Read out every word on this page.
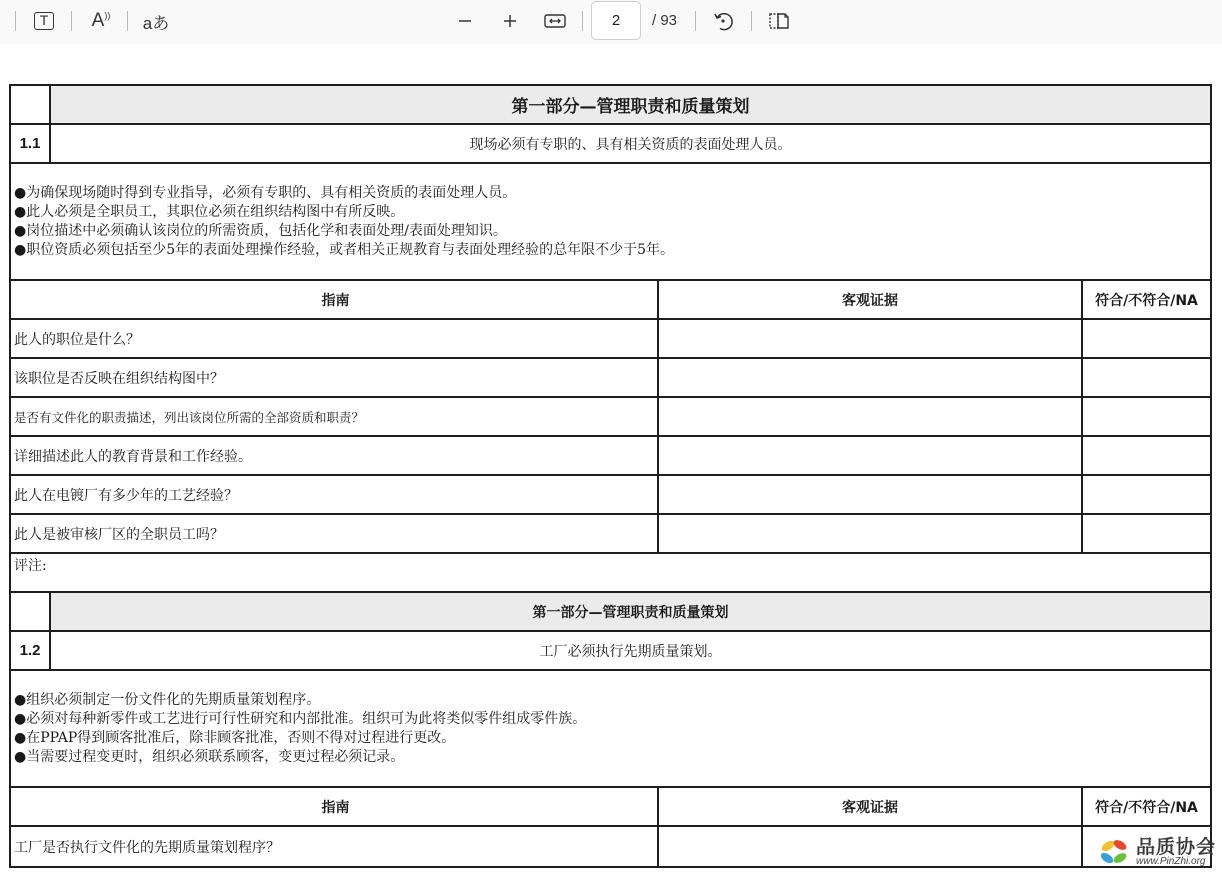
T	A)) aあ
2	/ 93
第一部分—管理职责和质量策划
1.1	现场必须有专职的、具有相关资质的表面处理人员。
●为确保现场随时得到专业指导，必须有专职的、具有相关资质的表面处理人员。
●此人必须是全职员工，其职位必须在组织结构图中有所反映。
●岗位描述中必须确认该岗位的所需资质，包括化学和表面处理/表面处理知识。
●职位资质必须包括至少5年的表面处理操作经验，或者相关正规教育与表面处理经验的总年限不少于5年。
指南	客观证据	符合/不符合/NA
此人的职位是什么？
该职位是否反映在组织结构图中？
是否有文件化的职责描述，列出该岗位所需的全部资质和职责？
详细描述此人的教育背景和工作经验。
此人在电镀厂有多少年的工艺经验？
此人是被审核厂区的全职员工吗？
评注:
第一部分—管理职责和质量策划
1.2	工厂必须执行先期质量策划。
●组织必须制定一份文件化的先期质量策划程序。
●必须对每种新零件或工艺进行可行性研究和内部批准。组织可为此将类似零件组成零件族。
●在PPAP得到顾客批准后，除非顾客批准，否则不得对过程进行更改。
●当需要过程变更时，组织必须联系顾客，变更过程必须记录。
指南	客观证据	符合/不符合/NA
工厂是否执行文件化的先期质量策划程序？	品质协会
www.PinZhi.org
